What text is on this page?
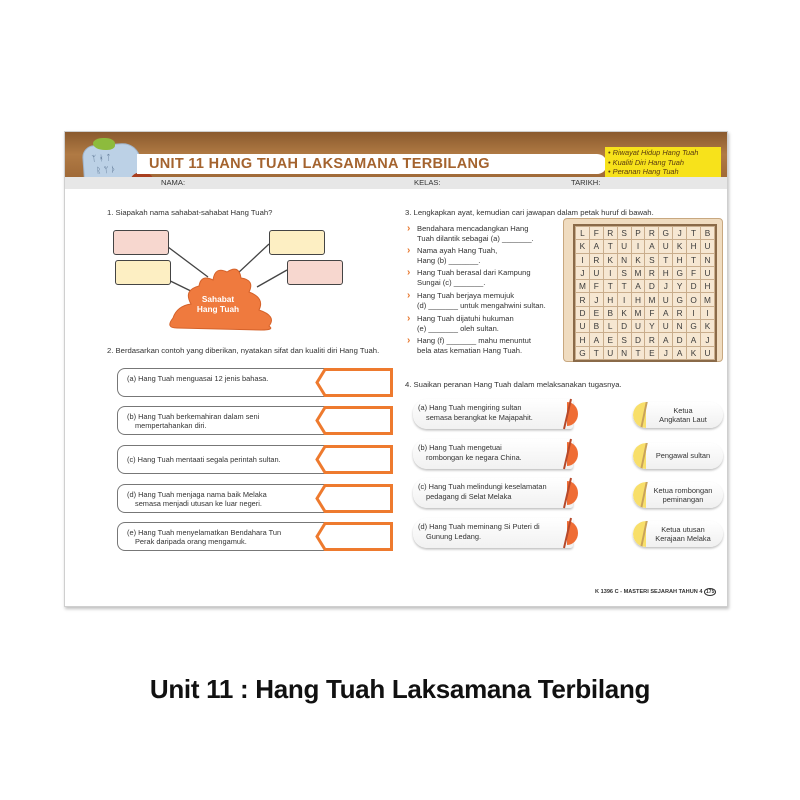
ᛉ ᚼ ᛏ
ᚱ ᛘ ᚦ UNIT 11 HANG TUAH LAKSAMANA TERBILANG
• Riwayat Hidup Hang Tuah
• Kualiti Diri Hang Tuah
• Peranan Hang Tuah
NAMA:	KELAS:	TARIKH:
1. Siapakah nama sahabat-sahabat Hang Tuah?
Sahabat
Hang Tuah
2. Berdasarkan contoh yang diberikan, nyatakan sifat dan kualiti diri Hang Tuah.
(a) Hang Tuah menguasai 12 jenis bahasa.
(b) Hang Tuah berkemahiran dalam seni
mempertahankan diri.
(c) Hang Tuah mentaati segala perintah sultan.
(d) Hang Tuah menjaga nama baik Melaka
semasa menjadi utusan ke luar negeri.
(e) Hang Tuah menyelamatkan Bendahara Tun
Perak daripada orang mengamuk.
3. Lengkapkan ayat, kemudian cari jawapan dalam petak huruf di bawah.
› Bendahara mencadangkan Hang
Tuah dilantik sebagai (a) _______.
› Nama ayah Hang Tuah,
Hang (b) _______.
› Hang Tuah berasal dari Kampung
Sungai (c) _______.
› Hang Tuah berjaya memujuk
(d) _______ untuk mengahwini sultan.
› Hang Tuah dijatuhi hukuman
(e) _______ oleh sultan.
› Hang (f) _______ mahu menuntut
bela atas kematian Hang Tuah.
L	F	R	S	P	R	G	J	T	B
K	A	T	U	I	A	U	K	H	U
I	R	K	N	K	S	T	H	T	N
J	U	I	S	M	R	H	G	F	U
M	F	T	T	A	D	J	Y	D	H
R	J	H	I	H	M	U	G	O	M
D	E	B	K	M	F	A	R	I	I
U	B	L	D	U	Y	U	N	G	K
H	A	E	S	D	R	A	D	A	J
G	T	U	N	T	E	J	A	K	U
4. Suaikan peranan Hang Tuah dalam melaksanakan tugasnya.
(a) Hang Tuah mengiring sultan
semasa berangkat ke Majapahit.
(b) Hang Tuah mengetuai
rombongan ke negara China.
(c) Hang Tuah melindungi keselamatan
pedagang di Selat Melaka
(d) Hang Tuah meminang Si Puteri di
Gunung Ledang.
Ketua
Angkatan Laut
Pengawal sultan
Ketua rombongan
peminangan
Ketua utusan
Kerajaan Melaka
K 1396 C - MASTERI SEJARAH TAHUN 4 175
Unit 11 : Hang Tuah Laksamana Terbilang
